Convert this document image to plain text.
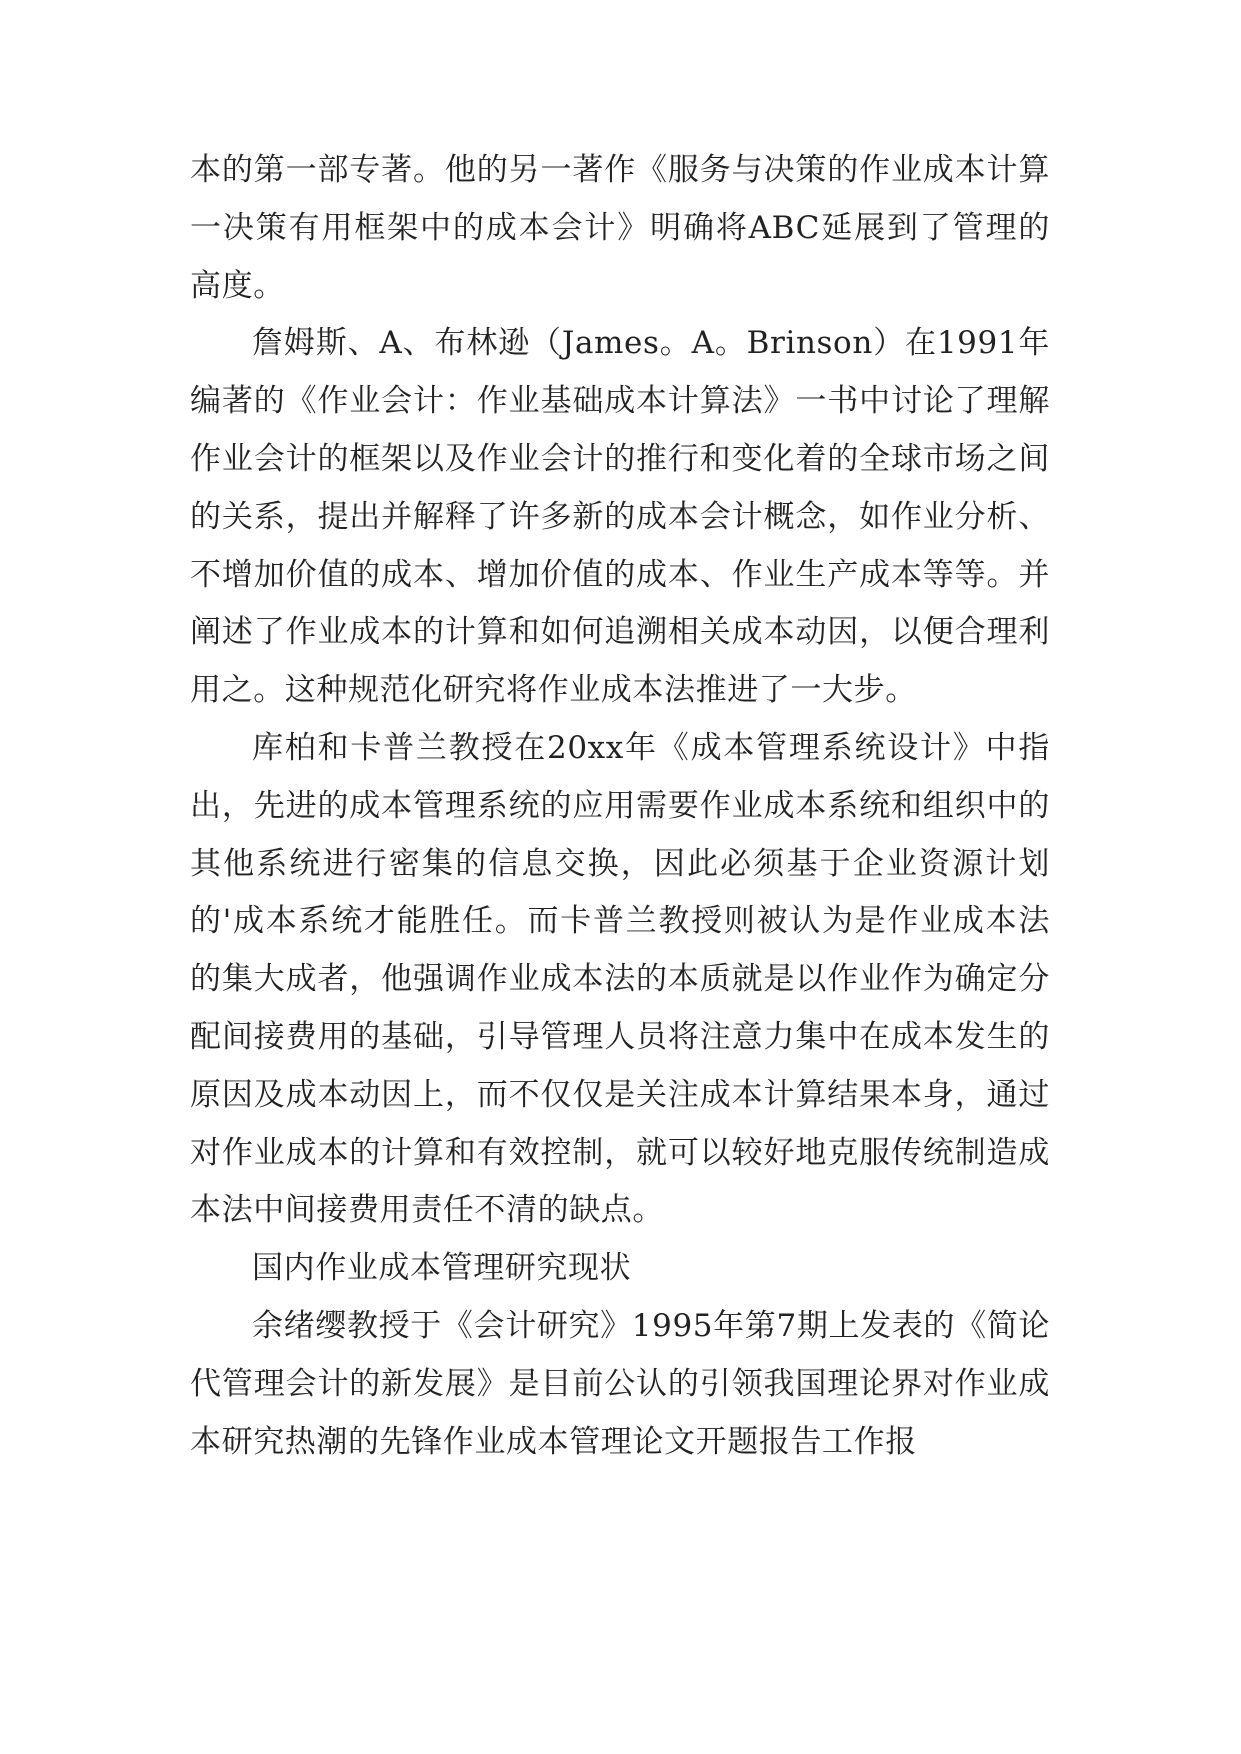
本的第一部专著。他的另一著作《服务与决策的作业成本计算一决策有用框架中的成本会计》明确将ABC延展到了管理的高度。

詹姆斯、A、布林逊（James。A。Brinson）在1991年编著的《作业会计：作业基础成本计算法》一书中讨论了理解作业会计的框架以及作业会计的推行和变化着的全球市场之间的关系，提出并解释了许多新的成本会计概念，如作业分析、不增加价值的成本、增加价值的成本、作业生产成本等等。并阐述了作业成本的计算和如何追溯相关成本动因，以便合理利用之。这种规范化研究将作业成本法推进了一大步。

库柏和卡普兰教授在20xx年《成本管理系统设计》中指出，先进的成本管理系统的应用需要作业成本系统和组织中的其他系统进行密集的信息交换，因此必须基于企业资源计划的'成本系统才能胜任。而卡普兰教授则被认为是作业成本法的集大成者，他强调作业成本法的本质就是以作业作为确定分配间接费用的基础，引导管理人员将注意力集中在成本发生的原因及成本动因上，而不仅仅是关注成本计算结果本身，通过对作业成本的计算和有效控制，就可以较好地克服传统制造成本法中间接费用责任不清的缺点。

国内作业成本管理研究现状

余绪缨教授于《会计研究》1995年第7期上发表的《简论代管理会计的新发展》是目前公认的引领我国理论界对作业成本研究热潮的先锋作业成本管理论文开题报告工作报
